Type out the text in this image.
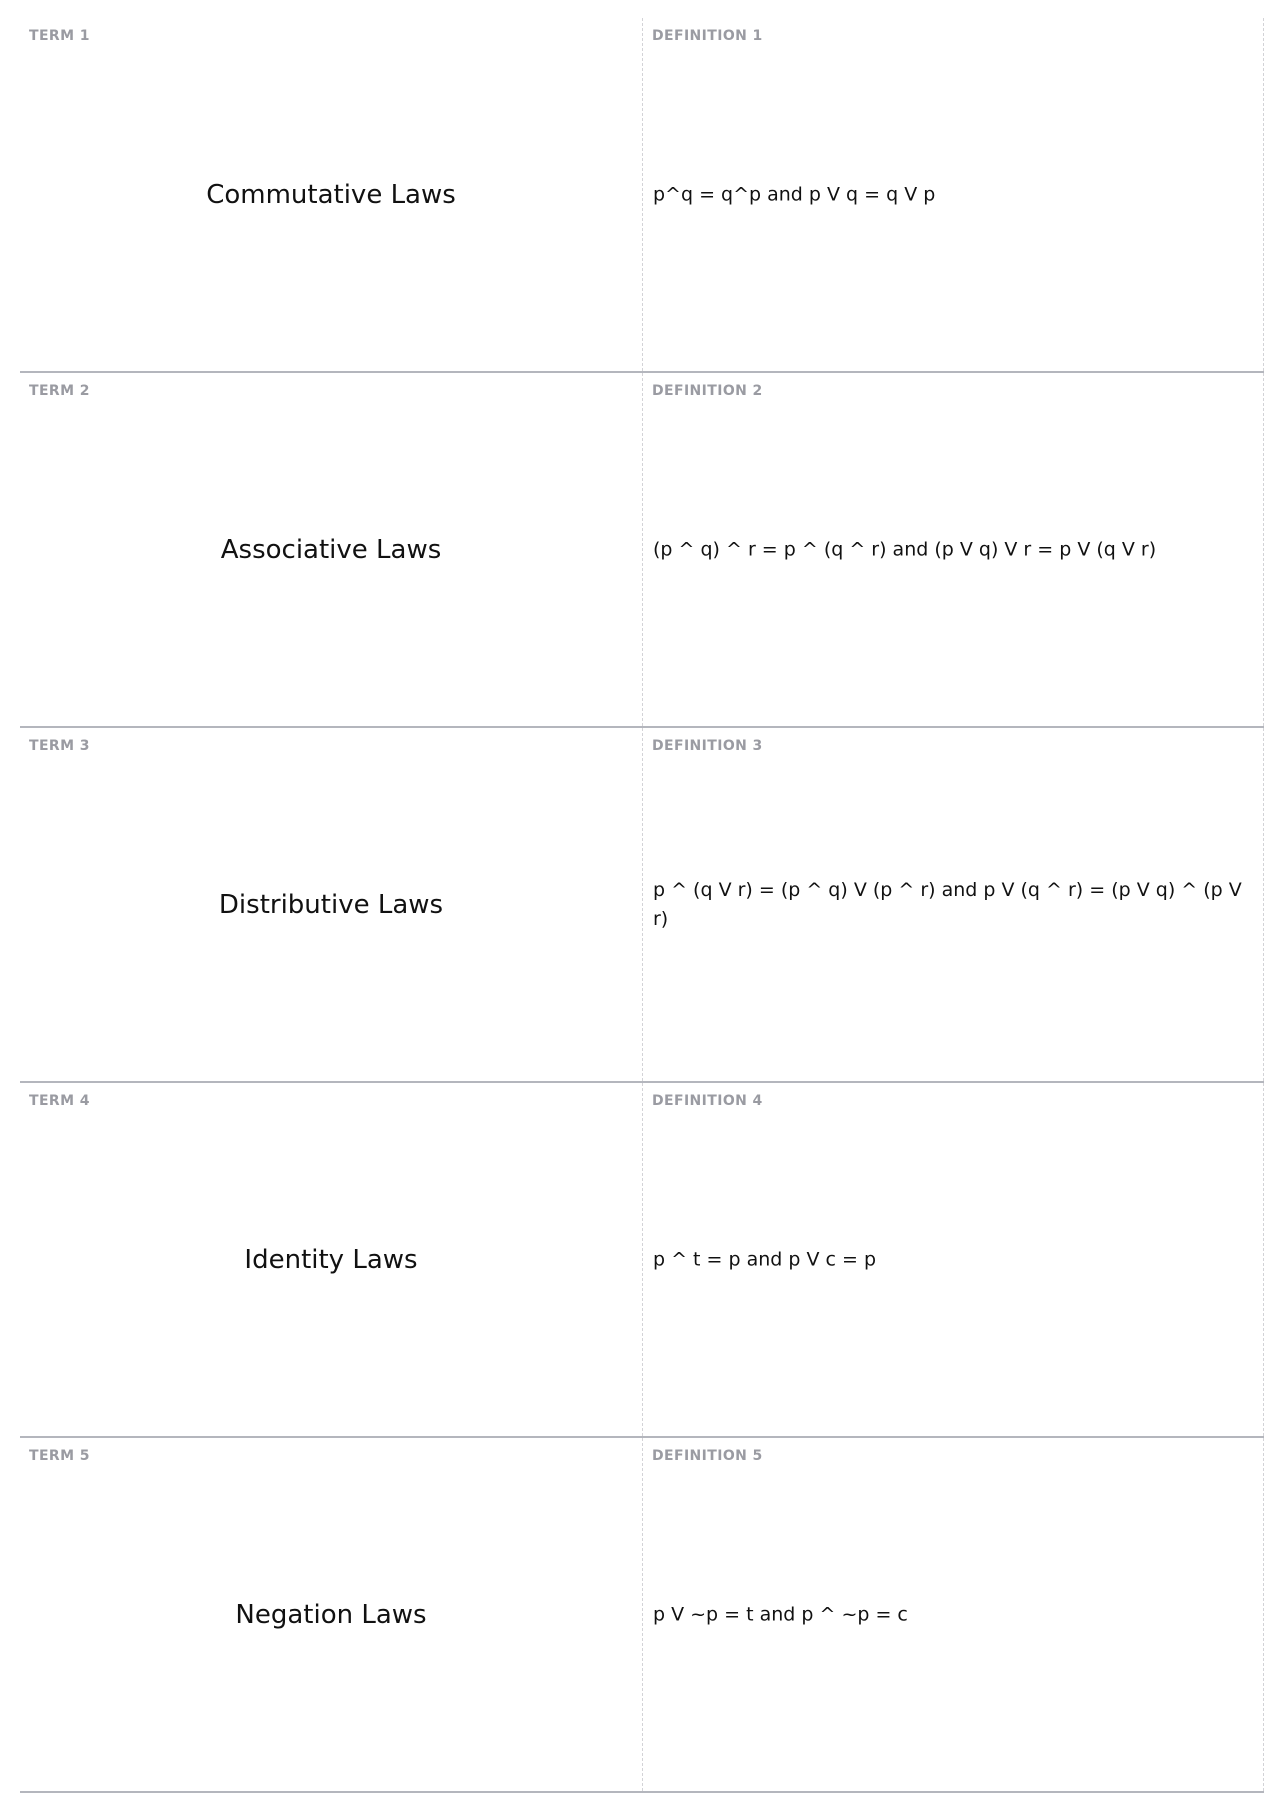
TERM 1
Commutative Laws
DEFINITION 1
p^q = q^p and p V q = q V p
TERM 2
Associative Laws
DEFINITION 2
(p ^ q) ^ r = p ^ (q ^ r) and (p V q) V r = p V (q V r)
TERM 3
Distributive Laws
DEFINITION 3
p ^ (q V r) = (p ^ q) V (p ^ r) and p V (q ^ r) = (p V q) ^ (p V r)
TERM 4
Identity Laws
DEFINITION 4
p ^ t = p and p V c = p
TERM 5
Negation Laws
DEFINITION 5
p V ~p = t and p ^ ~p = c
